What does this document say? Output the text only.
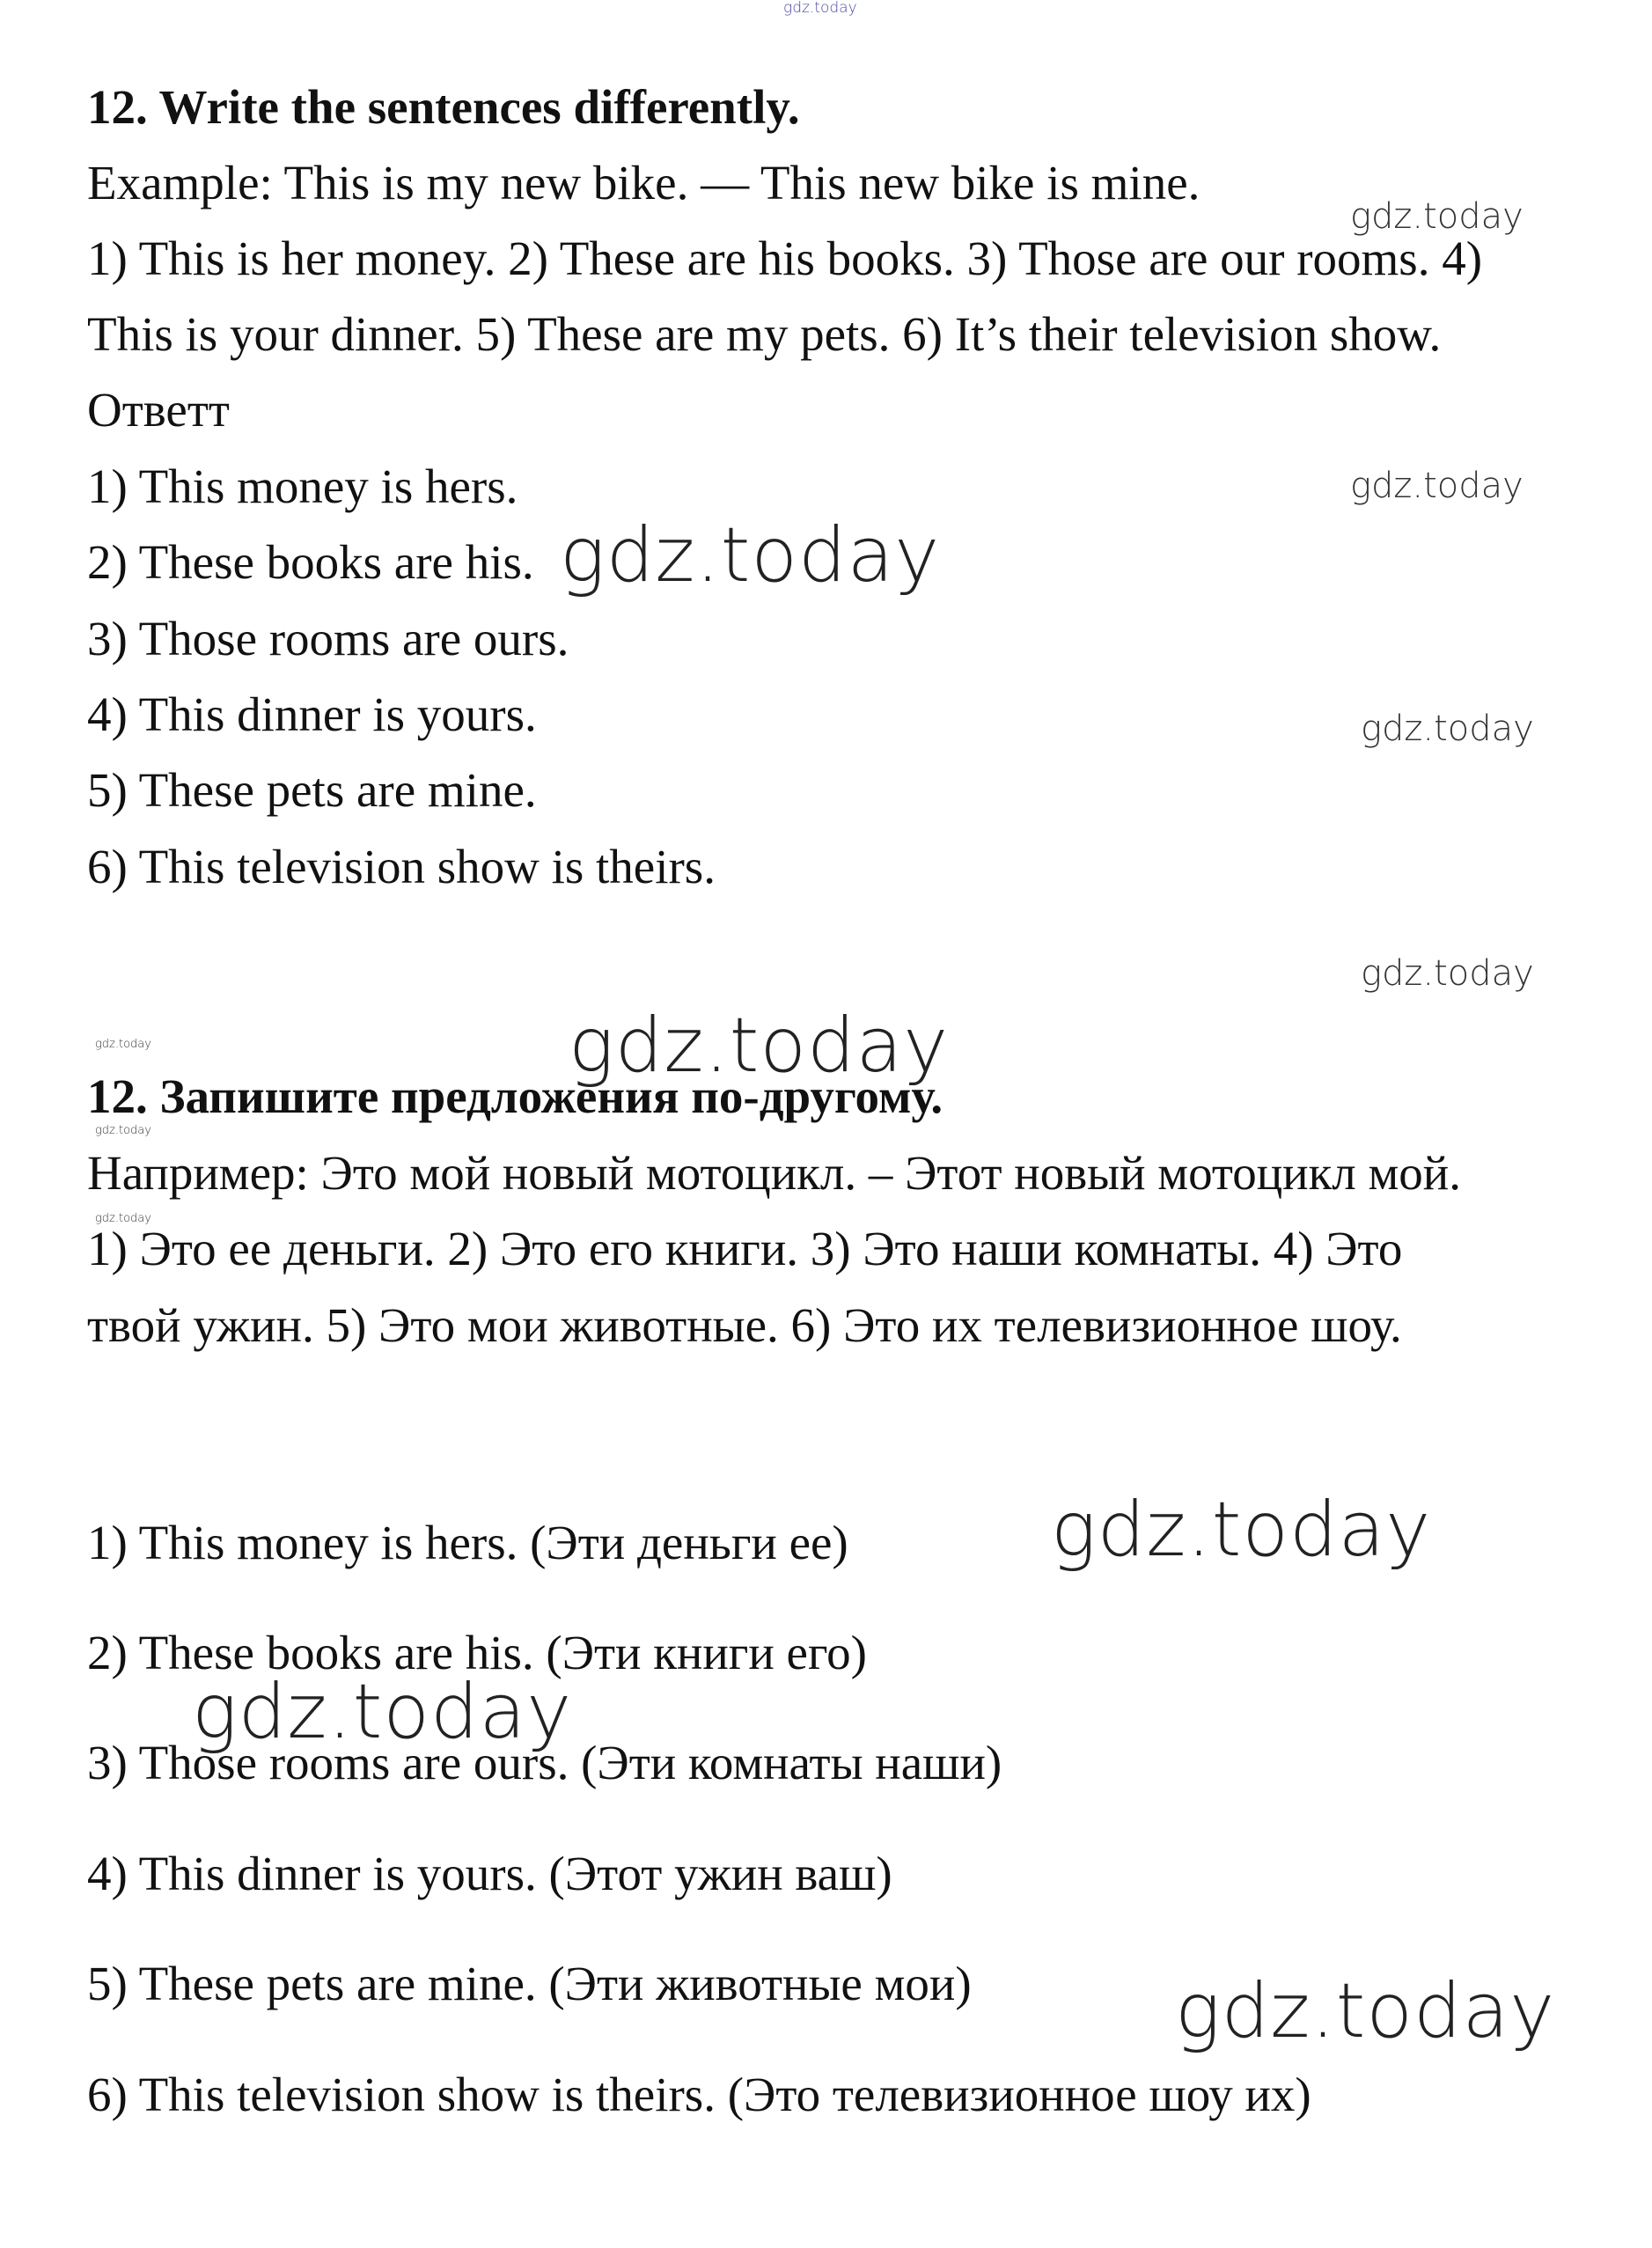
12. Write the sentences differently.
Example: This is my new bike. — This new bike is mine.
1) This is her money. 2) These are his books. 3) Those are our rooms. 4)
This is your dinner. 5) These are my pets. 6) It’s their television show.
Ответт
1) This money is hers.
2) These books are his.
3) Those rooms are ours.
4) This dinner is yours.
5) These pets are mine.
6) This television show is theirs.
12. Запишите предложения по-другому.
Например: Это мой новый мотоцикл. – Этот новый мотоцикл мой.
1) Это ее деньги. 2) Это его книги. 3) Это наши комнаты. 4) Это
твой ужин. 5) Это мои животные. 6) Это их телевизионное шоу.
1) This money is hers. (Эти деньги ее)
2) These books are his. (Эти книги его)
3) Those rooms are ours. (Эти комнаты наши)
4) This dinner is yours. (Этот ужин ваш)
5) These pets are mine. (Эти животные мои)
6) This television show is theirs. (Это телевизионное шоу их)
gdz.today
gdz.today
gdz.today
gdz.today
gdz.today
gdz.today
gdz.today
gdz.today
gdz.today
gdz.today
gdz.today
gdz.today
gdz.today
